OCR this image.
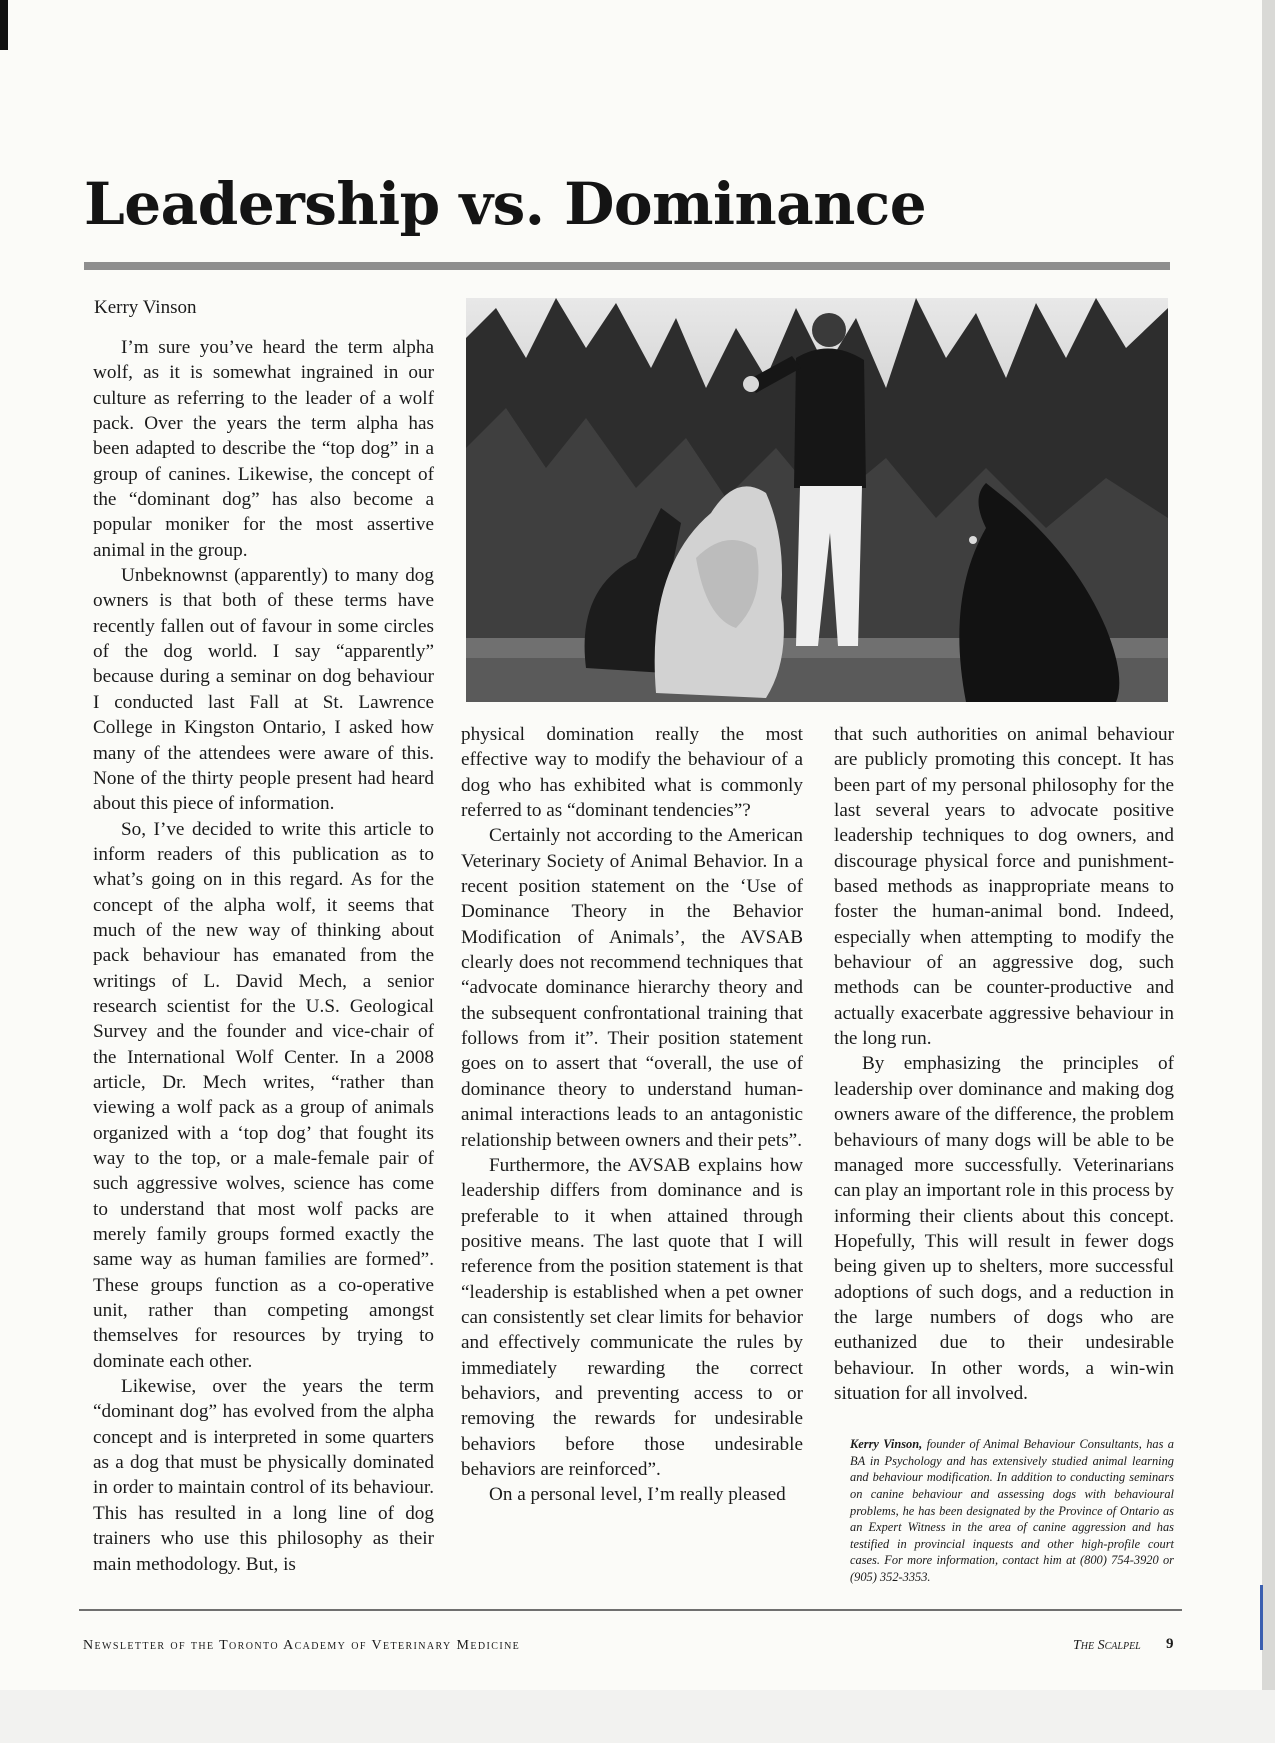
Leadership vs. Dominance
Kerry Vinson

I’m sure you’ve heard the term alpha wolf, as it is somewhat ingrained in our culture as referring to the leader of a wolf pack. Over the years the term alpha has been adapted to describe the “top dog” in a group of canines. Likewise, the concept of the “dominant dog” has also become a popular moniker for the most assertive animal in the group.

Unbeknownst (apparently) to many dog owners is that both of these terms have recently fallen out of favour in some circles of the dog world. I say “apparently” because during a seminar on dog behaviour I conducted last Fall at St. Lawrence College in Kingston Ontario, I asked how many of the attendees were aware of this. None of the thirty people present had heard about this piece of information.

So, I’ve decided to write this article to inform readers of this publication as to what’s going on in this regard. As for the concept of the alpha wolf, it seems that much of the new way of thinking about pack behaviour has emanated from the writings of L. David Mech, a senior research scientist for the U.S. Geological Survey and the founder and vice-chair of the International Wolf Center. In a 2008 article, Dr. Mech writes, “rather than viewing a wolf pack as a group of animals organized with a ‘top dog’ that fought its way to the top, or a male-female pair of such aggressive wolves, science has come to understand that most wolf packs are merely family groups formed exactly the same way as human families are formed”. These groups function as a co-operative unit, rather than competing amongst themselves for resources by trying to dominate each other.

Likewise, over the years the term “dominant dog” has evolved from the alpha concept and is interpreted in some quarters as a dog that must be physically dominated in order to maintain control of its behaviour. This has resulted in a long line of dog trainers who use this philosophy as their main methodology. But, is

physical domination really the most effective way to modify the behaviour of a dog who has exhibited what is commonly referred to as “dominant tendencies”?

Certainly not according to the American Veterinary Society of Animal Behavior. In a recent position statement on the ‘Use of Dominance Theory in the Behavior Modification of Animals’, the AVSAB clearly does not recommend techniques that “advocate dominance hierarchy theory and the subsequent confrontational training that follows from it”. Their position statement goes on to assert that “overall, the use of dominance theory to understand human-animal interactions leads to an antagonistic relationship between owners and their pets”.

Furthermore, the AVSAB explains how leadership differs from dominance and is preferable to it when attained through positive means. The last quote that I will reference from the position statement is that “leadership is established when a pet owner can consistently set clear limits for behavior and effectively communicate the rules by immediately rewarding the correct behaviors, and preventing access to or removing the rewards for undesirable behaviors before those undesirable behaviors are reinforced”.

On a personal level, I’m really pleased

that such authorities on animal behaviour are publicly promoting this concept. It has been part of my personal philosophy for the last several years to advocate positive leadership techniques to dog owners, and discourage physical force and punishment-based methods as inappropriate means to foster the human-animal bond. Indeed, especially when attempting to modify the behaviour of an aggressive dog, such methods can be counter-productive and actually exacerbate aggressive behaviour in the long run.

By emphasizing the principles of leadership over dominance and making dog owners aware of the difference, the problem behaviours of many dogs will be able to be managed more successfully. Veterinarians can play an important role in this process by informing their clients about this concept. Hopefully, This will result in fewer dogs being given up to shelters, more successful adoptions of such dogs, and a reduction in the large numbers of dogs who are euthanized due to their undesirable behaviour. In other words, a win-win situation for all involved.

Kerry Vinson, founder of Animal Behaviour Consultants, has a BA in Psychology and has extensively studied animal learning and behaviour modification. In addition to conducting seminars on canine behaviour and assessing dogs with behavioural problems, he has been designated by the Province of Ontario as an Expert Witness in the area of canine aggression and has testified in provincial inquests and other high-profile court cases. For more information, contact him at (800) 754-3920 or (905) 352-3353.
Newsletter of the Toronto Academy of Veterinary Medicine	The Scalpel 9
